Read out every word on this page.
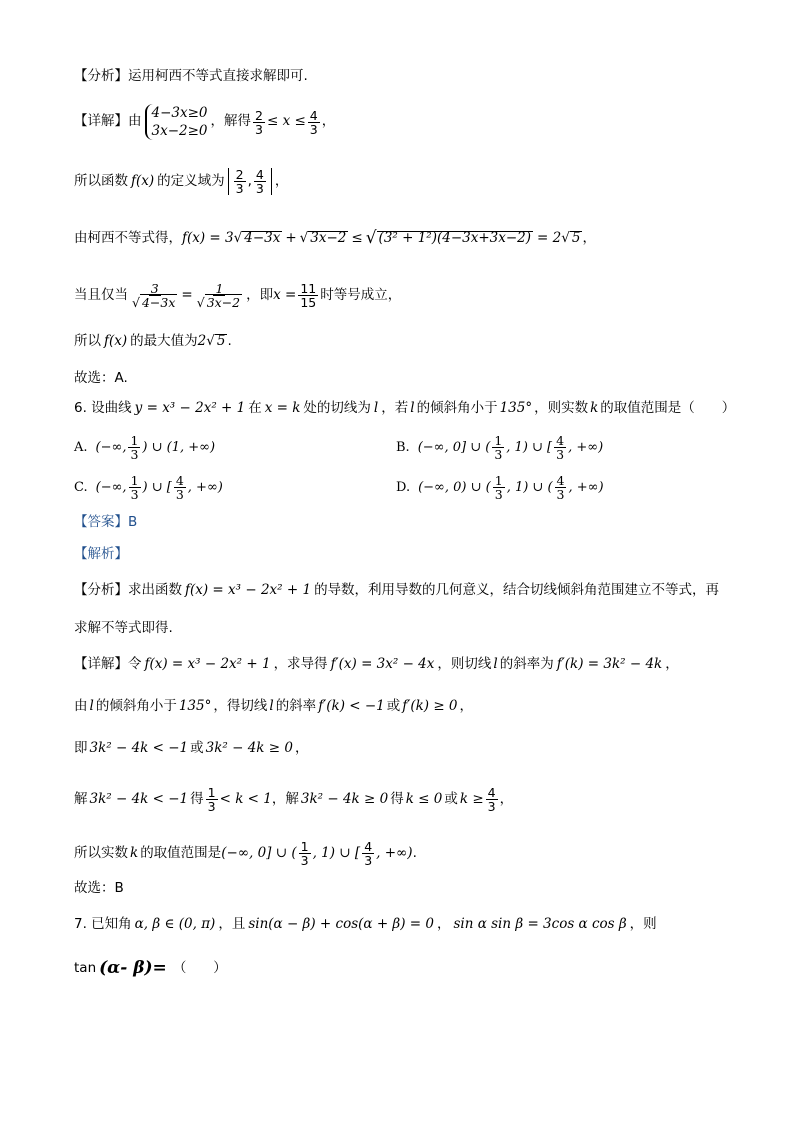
【分析】运用柯西不等式直接求解即可.
【详解】 由
4−3x≥0
3x−2≥0
，解得 $\frac{2}{3} \le x \le \frac{4}{3}$ ，
所以函数 f(x) 的定义域为 $\frac{2}{3}$ , $\frac{4}{3}$ ，
由柯西不等式得， f(x) = 3 √ 4−3x + √ 3x−2 ≤ √ (3² + 1²)(4−3x+3x−2) = 2 √ 5 ，
当且仅当 $\frac{3}{√ 4-3x} = \frac{1}{√ 3x-2}$ ，即 $x = \frac{11}{15}$ 时等号成立，
所以 f(x) 的最大值为 2 √ 5 .
故选：A.
6. 设曲线 y = x³ − 2x² + 1 在 x = k 处的切线为 l ，若 l 的倾斜角小于 135° ，则实数 k 的取值范围是（　　）
A. (−∞, $\frac{1}{3}$ ) ∪ (1, +∞)	B. (−∞, 0] ∪ ( $\frac{1}{3}$ , 1) ∪ [ $\frac{4}{3}$ , +∞)
C. (−∞, $\frac{1}{3}$ ) ∪ [ $\frac{4}{3}$ , +∞)	D. (−∞, 0) ∪ ( $\frac{1}{3}$ , 1) ∪ ( $\frac{4}{3}$ , +∞)
【答案】B
【解析】
【分析】 求出函数 f(x) = x³ − 2x² + 1 的导数，利用导数的几何意义，结合切线倾斜角范围建立不等式，再
求解不等式即得.
【详解】 令 f(x) = x³ − 2x² + 1 ，求导得 f′(x) = 3x² − 4x ，则切线 l 的斜率为 f′(k) = 3k² − 4k ，
由 l 的倾斜角小于 135° ，得切线 l 的斜率 f′(k) < −1 或 f′(k) ≥ 0 ，
即 3k² − 4k < −1 或 3k² − 4k ≥ 0 ，
解 3k² − 4k < −1 得 $\frac{1}{3} < k < 1$ ，解 3k² − 4k ≥ 0 得 k ≤ 0 或 $k \ge \frac{4}{3}$ ，
所以实数 k 的取值范围是 (−∞, 0] ∪ ( $\frac{1}{3}$ , 1) ∪ [ $\frac{4}{3}$ , +∞) .
故选：B
7. 已知角 α, β ∈ (0, π) ，且 sin(α − β) + cos(α + β) = 0 ， sin α sin β = 3cos α cos β ，则
tan (α- β)= （　　）
